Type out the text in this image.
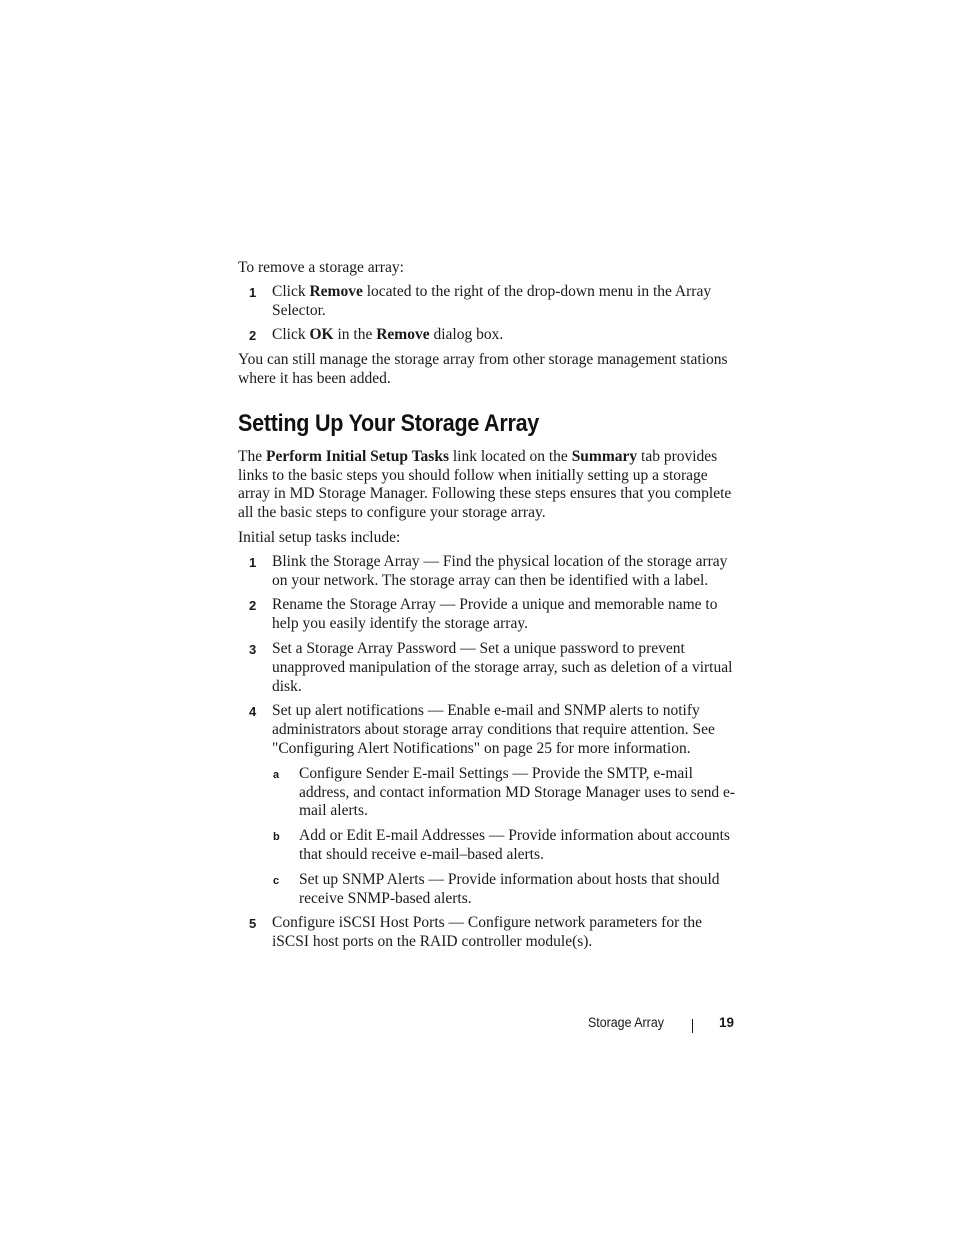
To remove a storage array:

1 Click Remove located to the right of the drop-down menu in the Array Selector.
2 Click OK in the Remove dialog box.

You can still manage the storage array from other storage management stations where it has been added.

Setting Up Your Storage Array

The Perform Initial Setup Tasks link located on the Summary tab provides links to the basic steps you should follow when initially setting up a storage array in MD Storage Manager. Following these steps ensures that you complete all the basic steps to configure your storage array.

Initial setup tasks include:

1 Blink the Storage Array — Find the physical location of the storage array on your network. The storage array can then be identified with a label.
2 Rename the Storage Array — Provide a unique and memorable name to help you easily identify the storage array.
3 Set a Storage Array Password — Set a unique password to prevent unapproved manipulation of the storage array, such as deletion of a virtual disk.
4 Set up alert notifications — Enable e-mail and SNMP alerts to notify administrators about storage array conditions that require attention. See "Configuring Alert Notifications" on page 25 for more information.
a Configure Sender E-mail Settings — Provide the SMTP, e-mail address, and contact information MD Storage Manager uses to send e-mail alerts.
b Add or Edit E-mail Addresses — Provide information about accounts that should receive e-mail–based alerts.
c Set up SNMP Alerts — Provide information about hosts that should receive SNMP-based alerts.
5 Configure iSCSI Host Ports — Configure network parameters for the iSCSI host ports on the RAID controller module(s).
Storage Array	19
